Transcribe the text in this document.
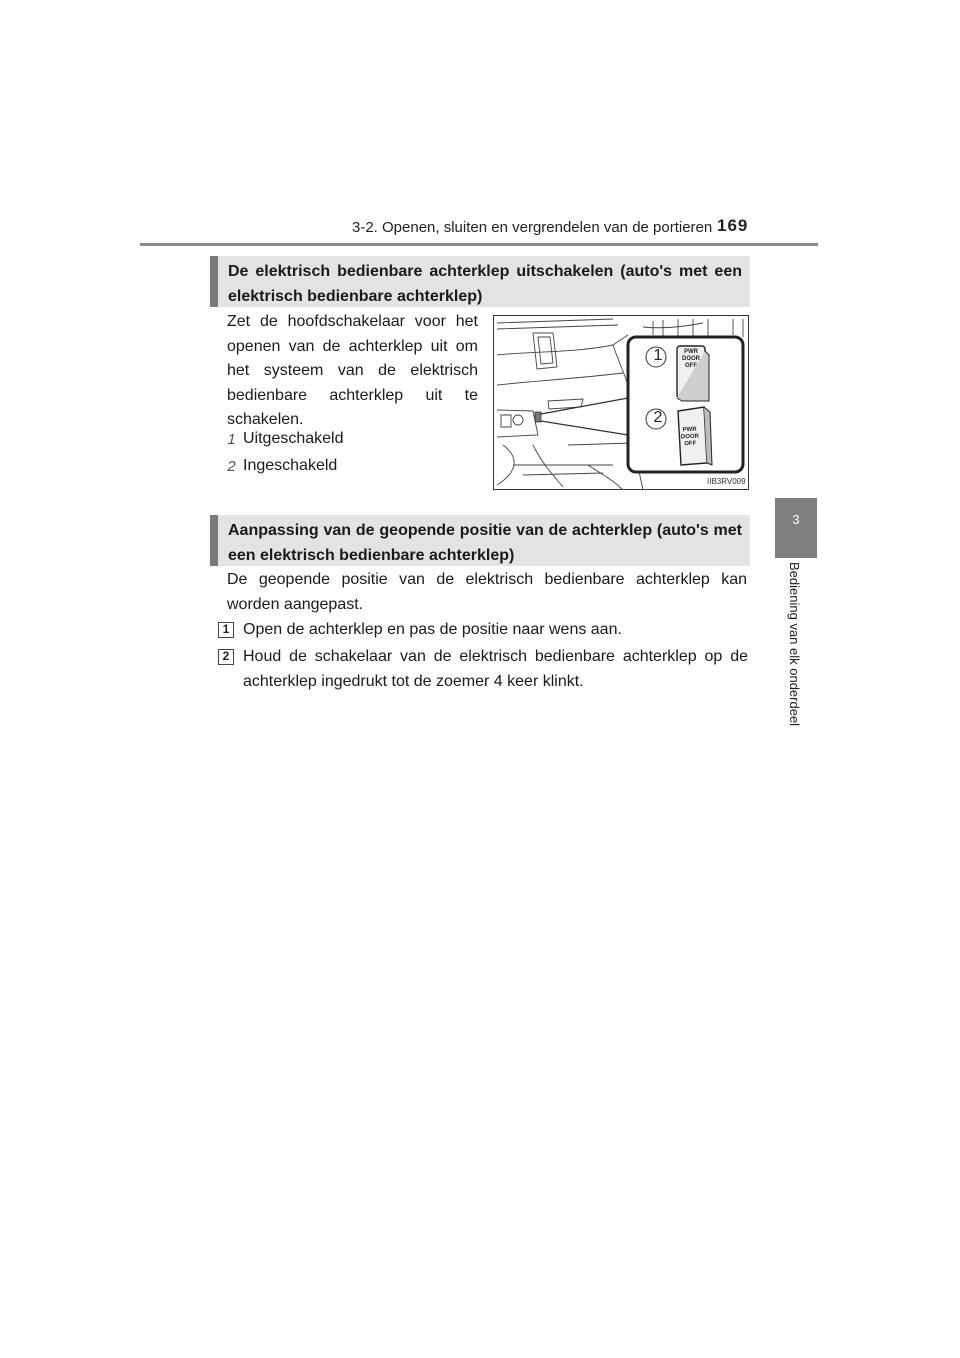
3-2. Openen, sluiten en vergrendelen van de portieren 169
3
Bediening van elk onderdeel
De elektrisch bedienbare achterklep uitschakelen (auto's met een elektrisch bedienbare achterklep)
Zet de hoofdschakelaar voor het openen van de achterklep uit om het systeem van de elektrisch bedienbare achterklep uit te schakelen.
1 Uitgeschakeld
2 Ingeschakeld
1
2
PWR
DOOR
OFF
PWR
DOOR
OFF
IIB3RV009
Aanpassing van de geopende positie van de achterklep (auto's met een elektrisch bedienbare achterklep)
De geopende positie van de elektrisch bedienbare achterklep kan worden aangepast.
1 Open de achterklep en pas de positie naar wens aan.
2 Houd de schakelaar van de elektrisch bedienbare achterklep op de achterklep ingedrukt tot de zoemer 4 keer klinkt.
